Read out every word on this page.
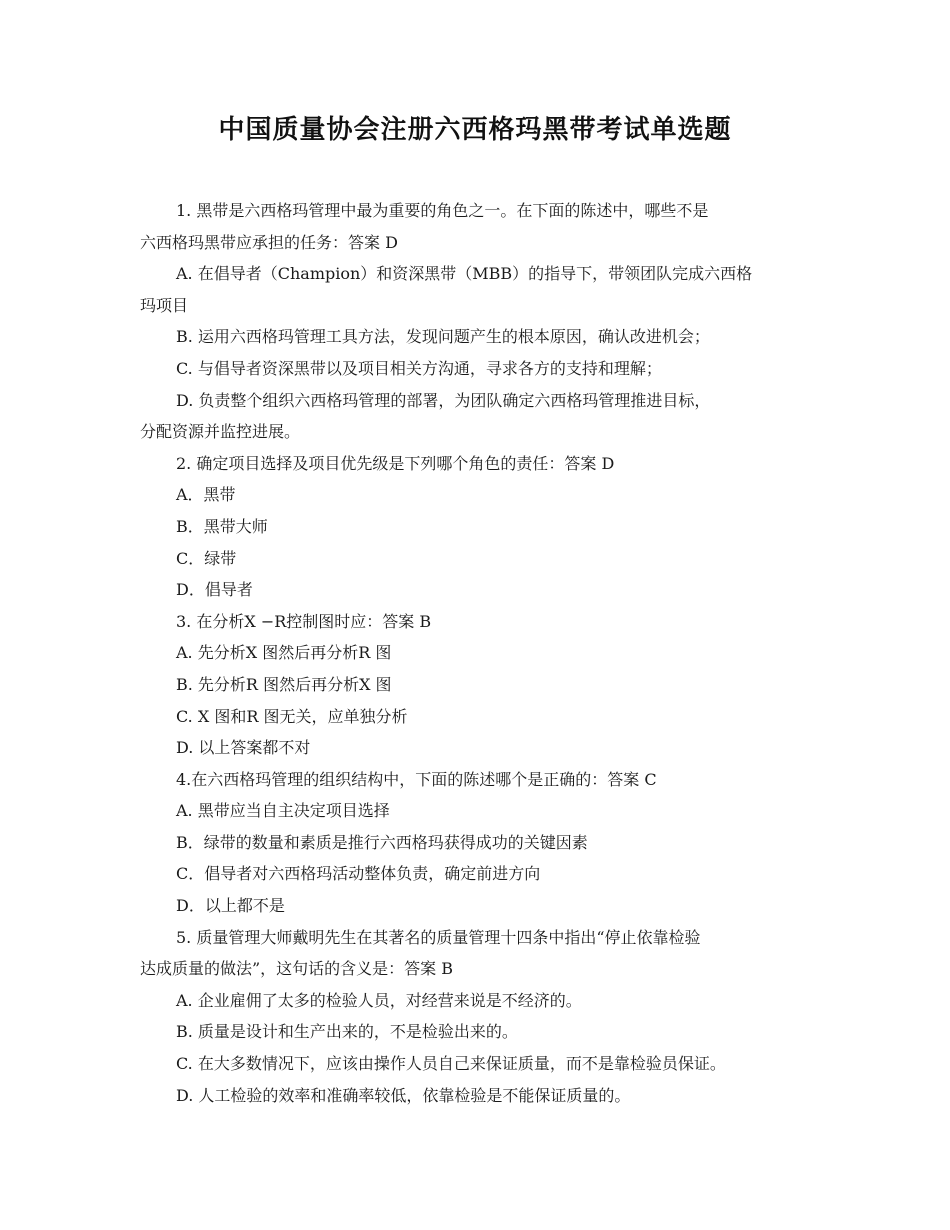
中国质量协会注册六西格玛黑带考试单选题
1. 黑带是六西格玛管理中最为重要的角色之一。在下面的陈述中，哪些不是
六西格玛黑带应承担的任务：答案 D
A. 在倡导者（Champion）和资深黑带（MBB）的指导下，带领团队完成六西格
玛项目
B. 运用六西格玛管理工具方法，发现问题产生的根本原因，确认改进机会；
C. 与倡导者资深黑带以及项目相关方沟通，寻求各方的支持和理解；
D. 负责整个组织六西格玛管理的部署，为团队确定六西格玛管理推进目标，
分配资源并监控进展。
2. 确定项目选择及项目优先级是下列哪个角色的责任：答案 D
A．黑带
B．黑带大师
C．绿带
D．倡导者
3. 在分析X −R控制图时应：答案 B
A. 先分析X 图然后再分析R 图
B. 先分析R 图然后再分析X 图
C. X 图和R 图无关，应单独分析
D. 以上答案都不对
4.在六西格玛管理的组织结构中，下面的陈述哪个是正确的：答案 C
A. 黑带应当自主决定项目选择
B．绿带的数量和素质是推行六西格玛获得成功的关键因素
C．倡导者对六西格玛活动整体负责，确定前进方向
D．以上都不是
5. 质量管理大师戴明先生在其著名的质量管理十四条中指出“停止依靠检验
达成质量的做法”，这句话的含义是：答案 B
A. 企业雇佣了太多的检验人员，对经营来说是不经济的。
B. 质量是设计和生产出来的，不是检验出来的。
C. 在大多数情况下，应该由操作人员自己来保证质量，而不是靠检验员保证。
D. 人工检验的效率和准确率较低，依靠检验是不能保证质量的。
